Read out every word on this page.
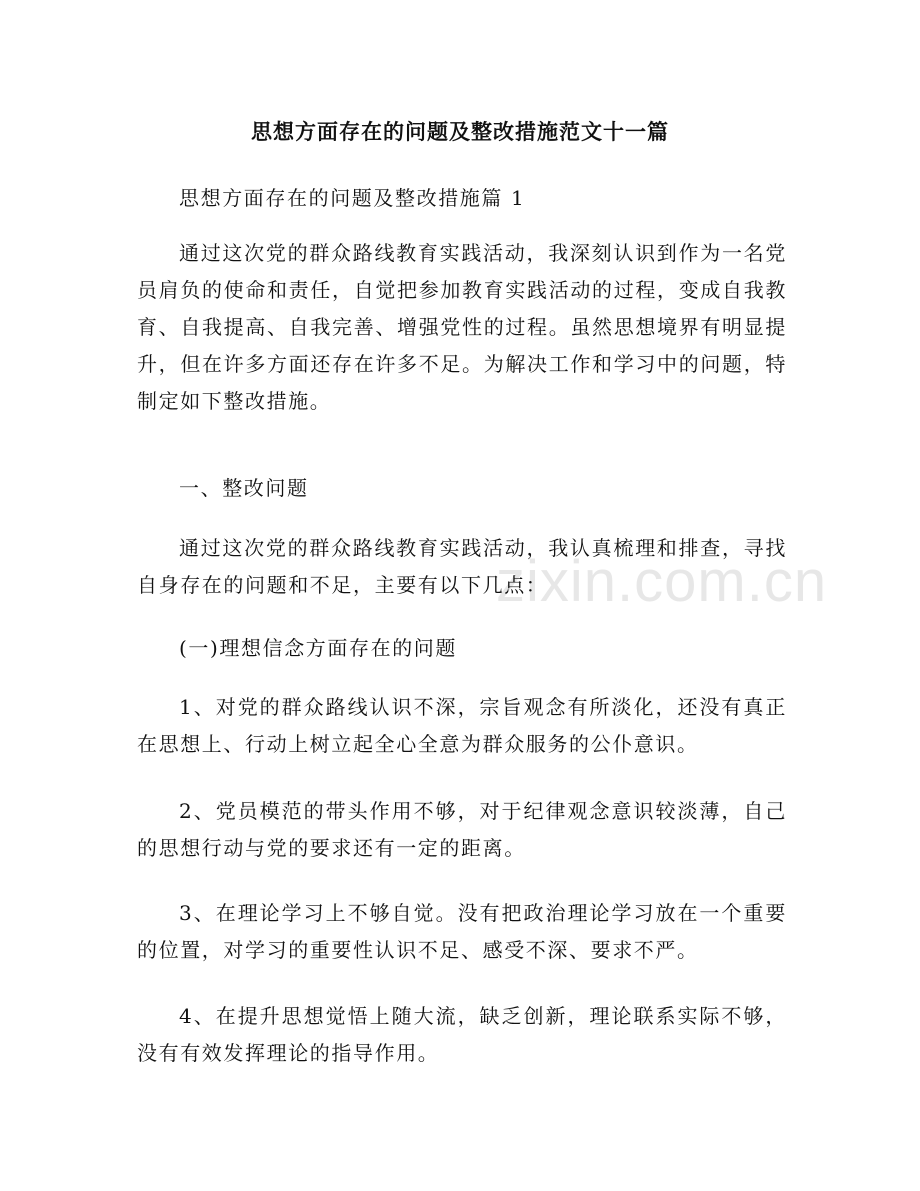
zixin.com.cn
思想方面存在的问题及整改措施范文十一篇

思想方面存在的问题及整改措施篇 1

通过这次党的群众路线教育实践活动，我深刻认识到作为一名党员肩负的使命和责任，自觉把参加教育实践活动的过程，变成自我教育、自我提高、自我完善、增强党性的过程。虽然思想境界有明显提升，但在许多方面还存在许多不足。为解决工作和学习中的问题，特制定如下整改措施。

一、整改问题

通过这次党的群众路线教育实践活动，我认真梳理和排查，寻找自身存在的问题和不足，主要有以下几点：

(一)理想信念方面存在的问题

1、对党的群众路线认识不深，宗旨观念有所淡化，还没有真正在思想上、行动上树立起全心全意为群众服务的公仆意识。

2、党员模范的带头作用不够，对于纪律观念意识较淡薄，自己的思想行动与党的要求还有一定的距离。

3、在理论学习上不够自觉。没有把政治理论学习放在一个重要的位置，对学习的重要性认识不足、感受不深、要求不严。

4、在提升思想觉悟上随大流，缺乏创新，理论联系实际不够，没有有效发挥理论的指导作用。
